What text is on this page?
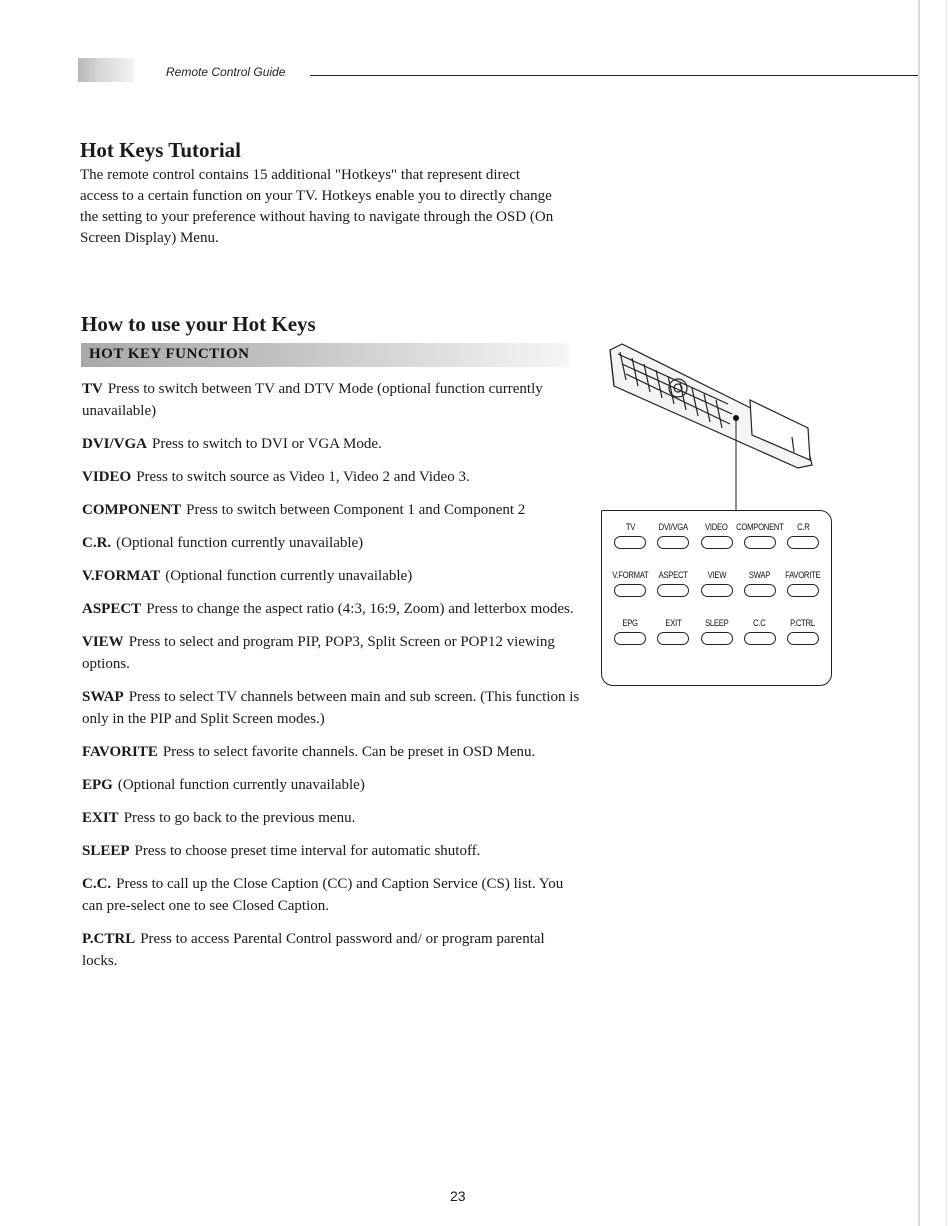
Remote Control Guide
Hot Keys Tutorial

The remote control contains 15 additional "Hotkeys" that represent direct access to a certain function on your TV. Hotkeys enable you to directly change the setting to your preference without having to navigate through the OSD (On Screen Display) Menu.

How to use your Hot Keys
HOT KEY FUNCTION
TV Press to switch between TV and DTV Mode (optional function currently unavailable)
DVI/VGA Press to switch to DVI or VGA Mode.
VIDEO Press to switch source as Video 1, Video 2 and Video 3.
COMPONENT Press to switch between Component 1 and Component 2
C.R. (Optional function currently unavailable)
V.FORMAT (Optional function currently unavailable)
ASPECT Press to change the aspect ratio (4:3, 16:9, Zoom) and letterbox modes.
VIEW Press to select and program PIP, POP3, Split Screen or POP12 viewing options.
SWAP Press to select TV channels between main and sub screen. (This function is only in the PIP and Split Screen modes.)
FAVORITE Press to select favorite channels. Can be preset in OSD Menu.
EPG (Optional function currently unavailable)
EXIT Press to go back to the previous menu.
SLEEP Press to choose preset time interval for automatic shutoff.
C.C. Press to call up the Close Caption (CC) and Caption Service (CS) list. You can pre-select one to see Closed Caption.
P.CTRL Press to access Parental Control password and/ or program parental locks.
TV	DVI/VGA VIDEO COMPONENT C.R
V.FORMAT ASPECT VIEW	SWAP FAVORITE
EPG	EXIT	SLEEP	C.C	P.CTRL
23
